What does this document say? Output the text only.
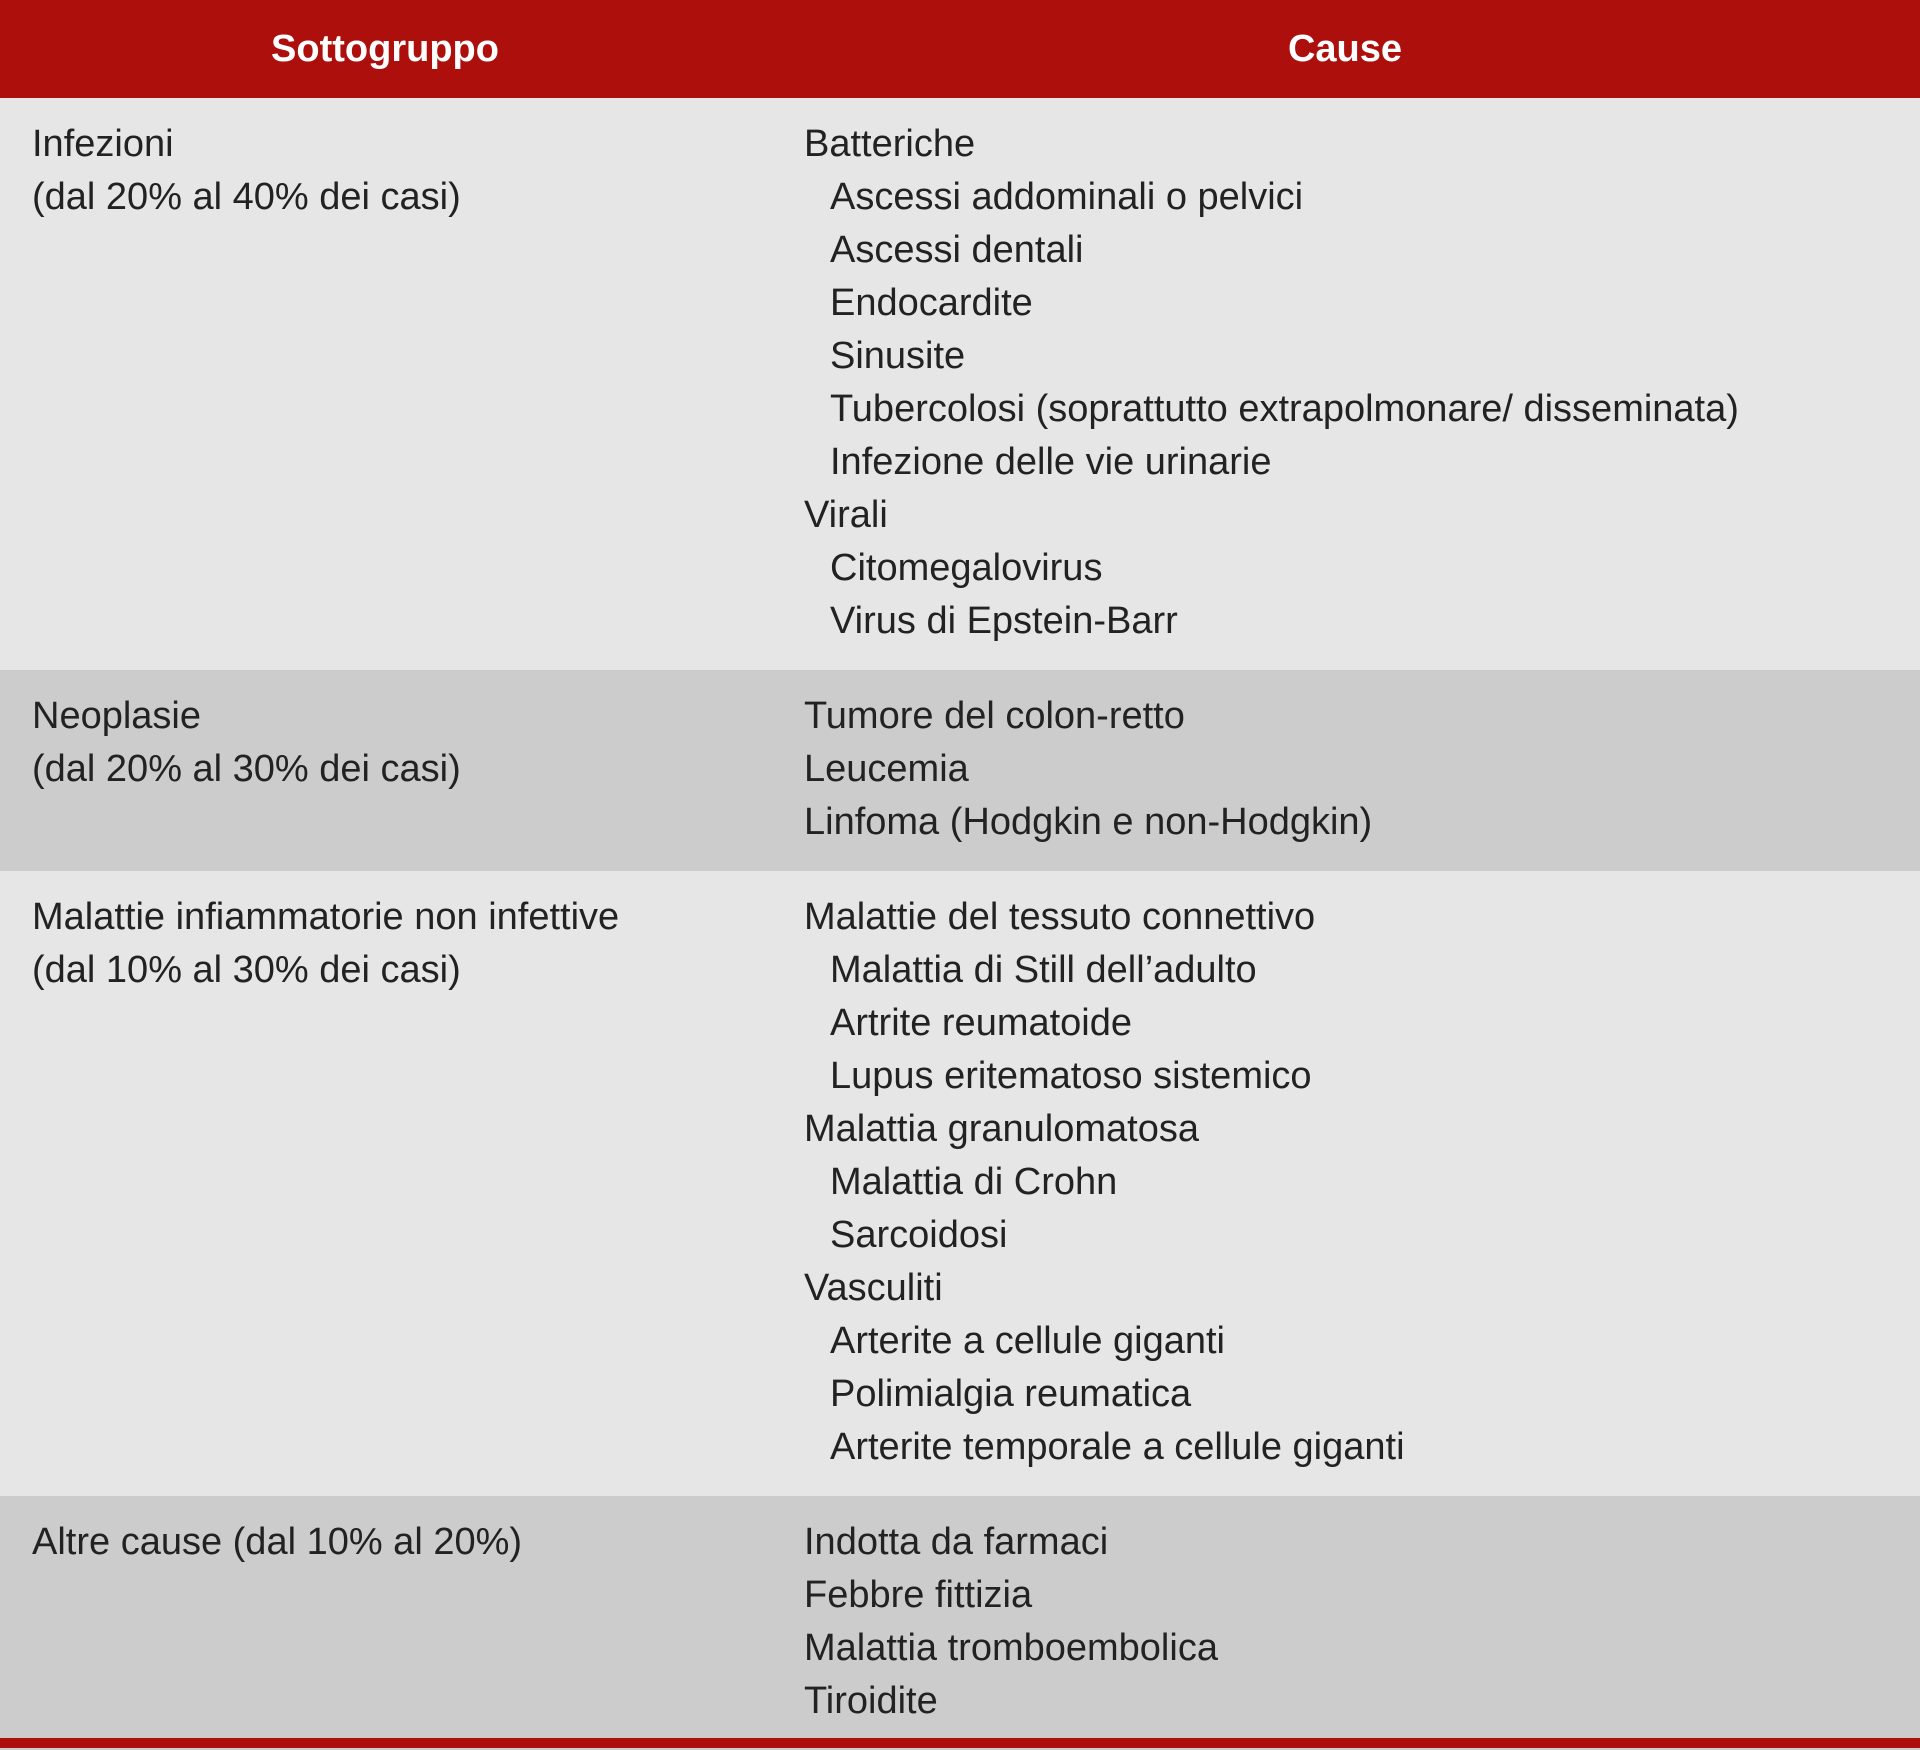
Sottogruppo	Cause
Infezioni
(dal 20% al 40% dei casi)
Batteriche
Ascessi addominali o pelvici
Ascessi dentali
Endocardite
Sinusite
Tubercolosi (soprattutto extrapolmonare/ disseminata)
Infezione delle vie urinarie
Virali
Citomegalovirus
Virus di Epstein-Barr
Neoplasie
(dal 20% al 30% dei casi)
Tumore del colon-retto
Leucemia
Linfoma (Hodgkin e non-Hodgkin)
Malattie infiammatorie non infettive
(dal 10% al 30% dei casi)
Malattie del tessuto connettivo
Malattia di Still dell’adulto
Artrite reumatoide
Lupus eritematoso sistemico
Malattia granulomatosa
Malattia di Crohn
Sarcoidosi
Vasculiti
Arterite a cellule giganti
Polimialgia reumatica
Arterite temporale a cellule giganti
Altre cause (dal 10% al 20%)	Indotta da farmaci
Febbre fittizia
Malattia tromboembolica
Tiroidite
